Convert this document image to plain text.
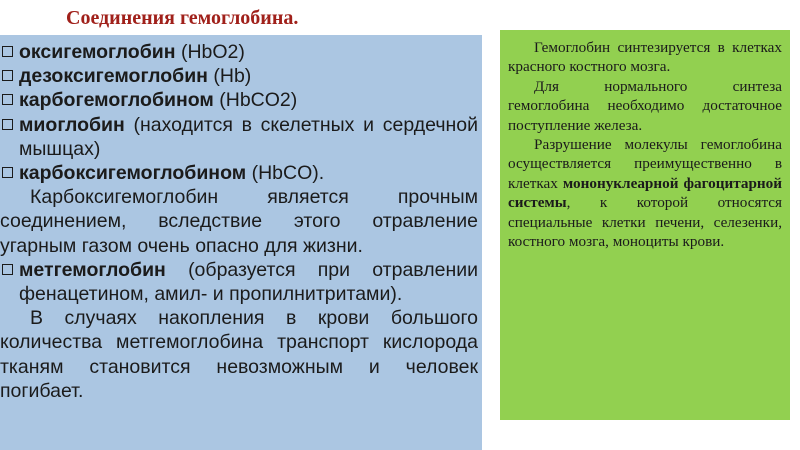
Соединения гемоглобина.
оксигемоглобин (HbO2)
дезоксигемоглобин (Hb)
карбогемоглобином (HbCO2)
миоглобин (находится в скелетных и сердечной мышцах)
карбоксигемоглобином (HbCO).
Карбоксигемоглобин является прочным соединением, вследствие этого отравление угарным газом очень опасно для жизни.
метгемоглобин (образуется при отравлении фенацетином, амил- и пропилнитритами).
В случаях накопления в крови большого количества метгемоглобина транспорт кислорода тканям становится невозможным и человек погибает.

Гемоглобин синтезируется в клетках красного костного мозга.

Для нормального синтеза гемоглобина необходимо достаточное поступление железа.

Разрушение молекулы гемоглобина осуществляется преимущественно в клетках мононуклеарной фагоцитарной системы, к которой относятся специальные клетки печени, селезенки, костного мозга, моноциты крови.
